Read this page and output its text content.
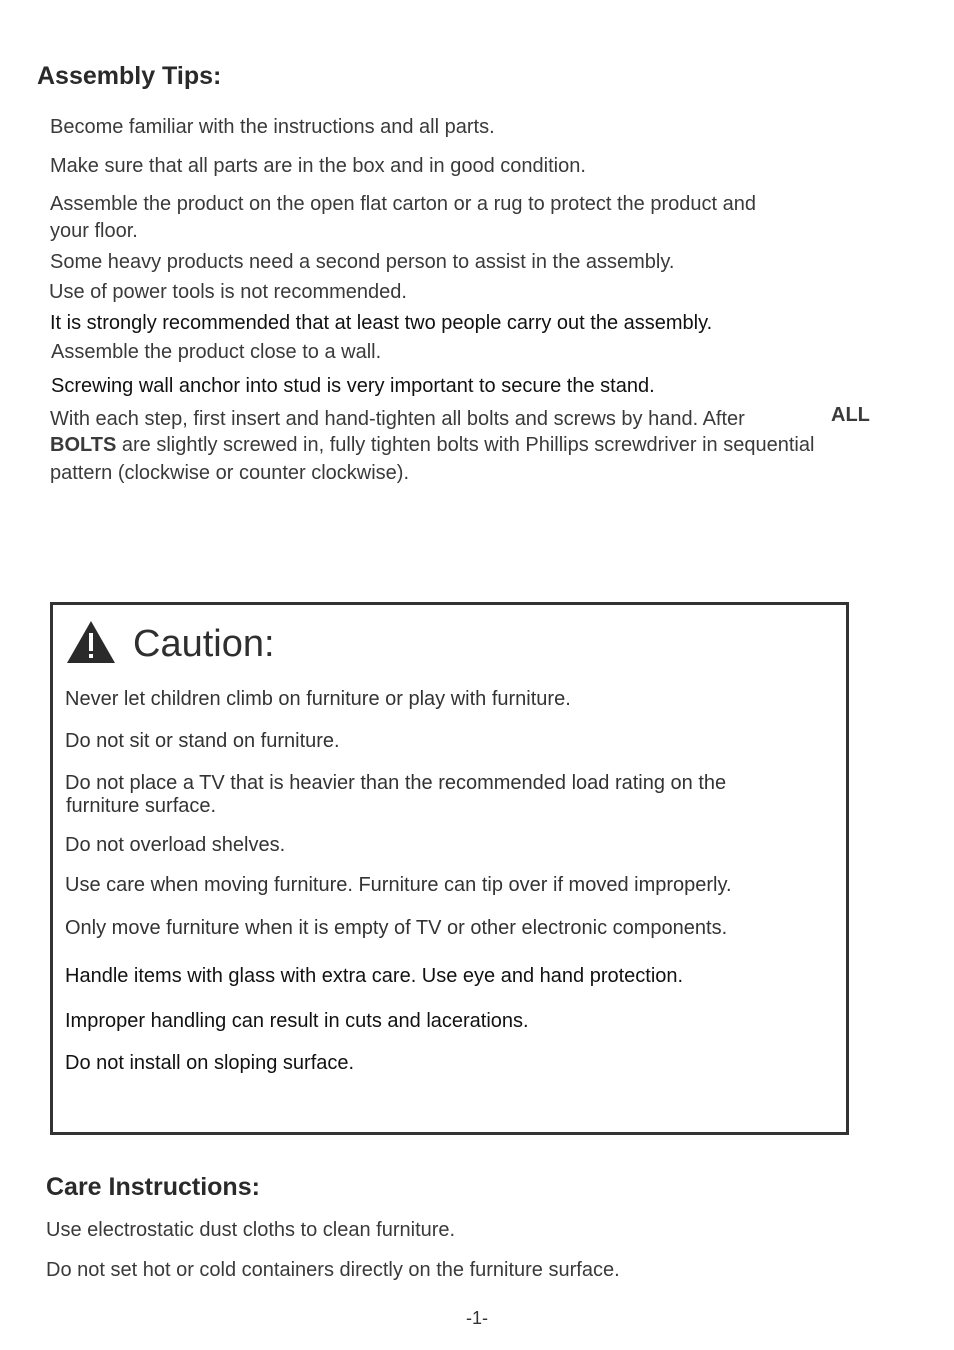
Assembly Tips:
Become familiar with the instructions and all parts.
Make sure that all parts are in the box and in good condition.
Assemble the product on the open flat carton or a rug to protect the product and
your floor.
Some heavy products need a second person to assist in the assembly.
Use of power tools is not recommended.
It is strongly recommended that at least two people carry out the assembly.
Assemble the product close to a wall.
Screwing wall anchor into stud is very important to secure the stand.
With each step, first insert and hand-tighten all bolts and screws by hand. After	ALL
BOLTS are slightly screwed in, fully tighten bolts with Phillips screwdriver in sequential
pattern (clockwise or counter clockwise).
Caution:
Never let children climb on furniture or play with furniture.
Do not sit or stand on furniture.
Do not place a TV that is heavier than the recommended load rating on the
furniture surface.
Do not overload shelves.
Use care when moving furniture. Furniture can tip over if moved improperly.
Only move furniture when it is empty of TV or other electronic components.
Handle items with glass with extra care. Use eye and hand protection.
Improper handling can result in cuts and lacerations.
Do not install on sloping surface.
Care Instructions:
Use electrostatic dust cloths to clean furniture.
Do not set hot or cold containers directly on the furniture surface.
-1-
